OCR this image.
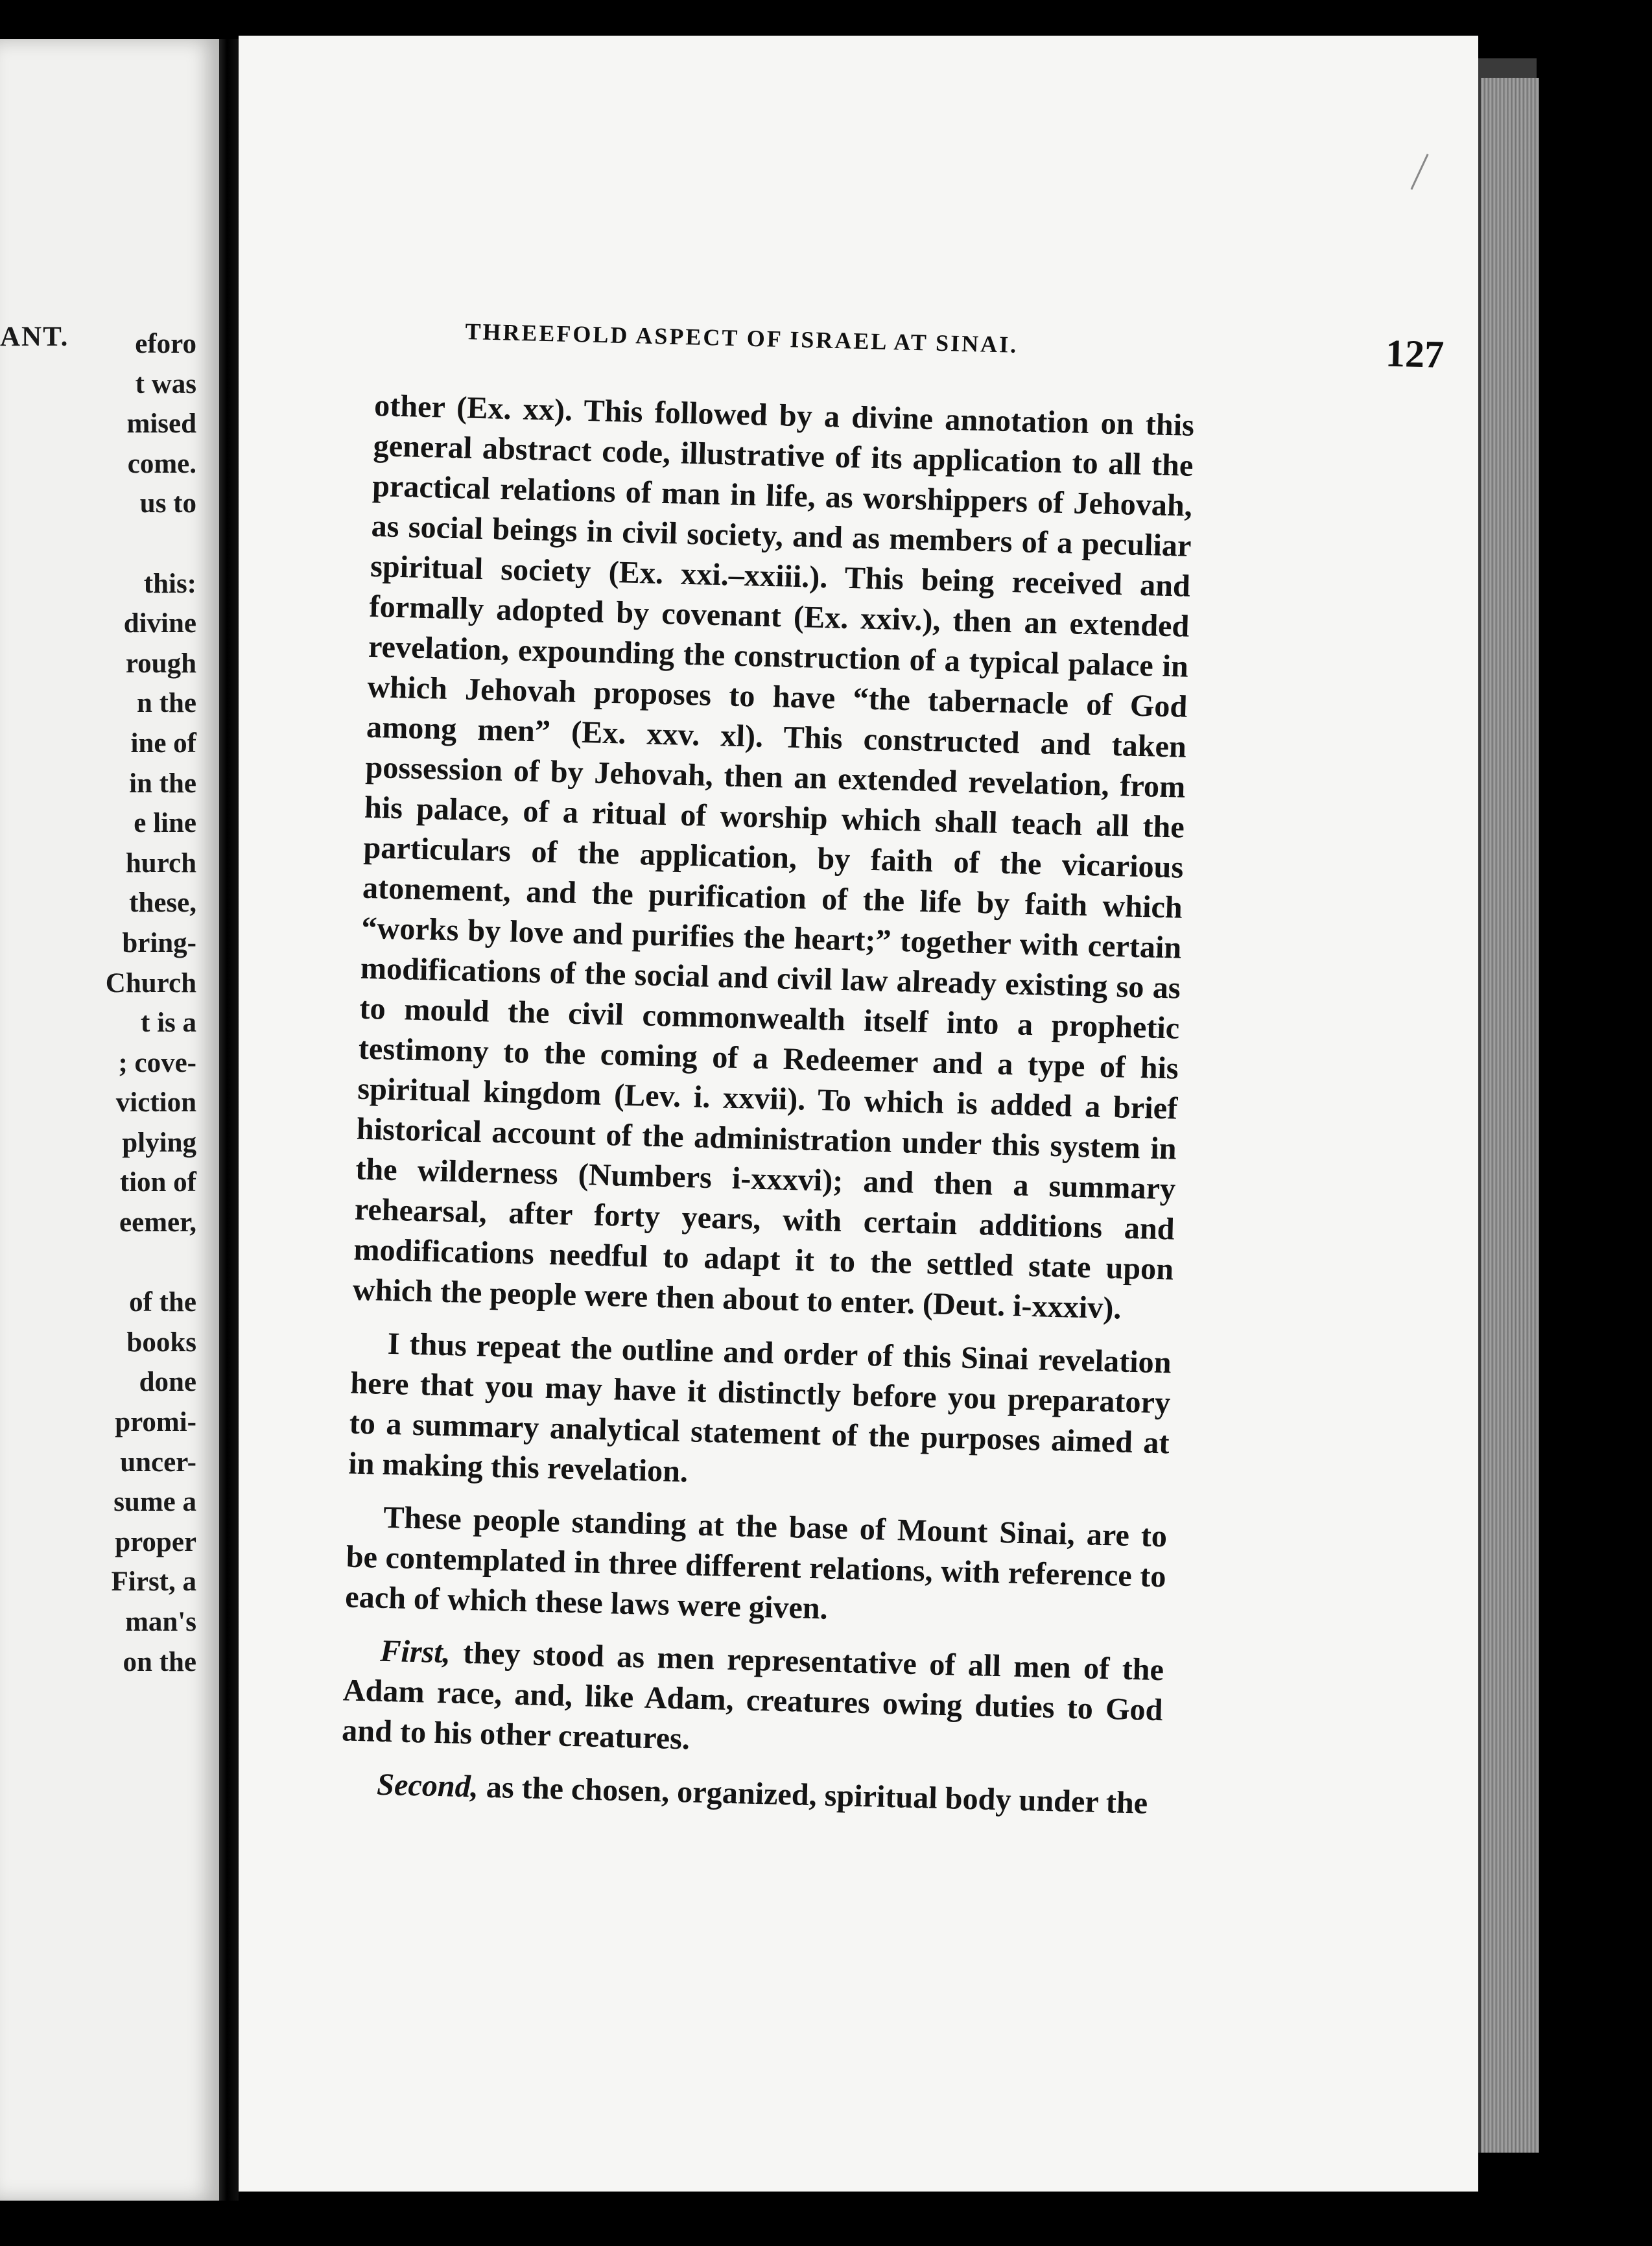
ANT.	eforo
t was
mised
come.
us to
this:
divine
rough
n the
ine of
in the
e line
hurch
these,
bring-
Church
t is a
; cove-
viction
plying
tion of
eemer,
of the
books
done
promi-
uncer-
sume a
proper
First, a
man's
on the
THREEFOLD ASPECT OF ISRAEL AT SINAI.	127

other (Ex. xx). This followed by a divine annotation on this general abstract code, illustrative of its application to all the practical relations of man in life, as worshippers of Jehovah, as social beings in civil society, and as members of a peculiar spiritual society (Ex. xxi.–xxiii.). This being received and formally adopted by covenant (Ex. xxiv.), then an extended revelation, expounding the construction of a typical palace in which Jehovah proposes to have “the tabernacle of God among men” (Ex. xxv. xl). This constructed and taken possession of by Jehovah, then an extended revelation, from his palace, of a ritual of worship which shall teach all the particulars of the application, by faith of the vicarious atonement, and the purification of the life by faith which “works by love and purifies the heart;” together with certain modifications of the social and civil law already existing so as to mould the civil commonwealth itself into a prophetic testimony to the coming of a Redeemer and a type of his spiritual kingdom (Lev. i. xxvii). To which is added a brief historical account of the administration under this system in the wilderness (Numbers i-xxxvi); and then a summary rehearsal, after forty years, with certain additions and modifications needful to adapt it to the settled state upon which the people were then about to enter. (Deut. i-xxxiv).

I thus repeat the outline and order of this Sinai revelation here that you may have it distinctly before you preparatory to a summary analytical statement of the purposes aimed at in making this revelation.

These people standing at the base of Mount Sinai, are to be contemplated in three different relations, with reference to each of which these laws were given.

First, they stood as men representative of all men of the Adam race, and, like Adam, creatures owing duties to God and to his other creatures.

Second, as the chosen, organized, spiritual body under the
